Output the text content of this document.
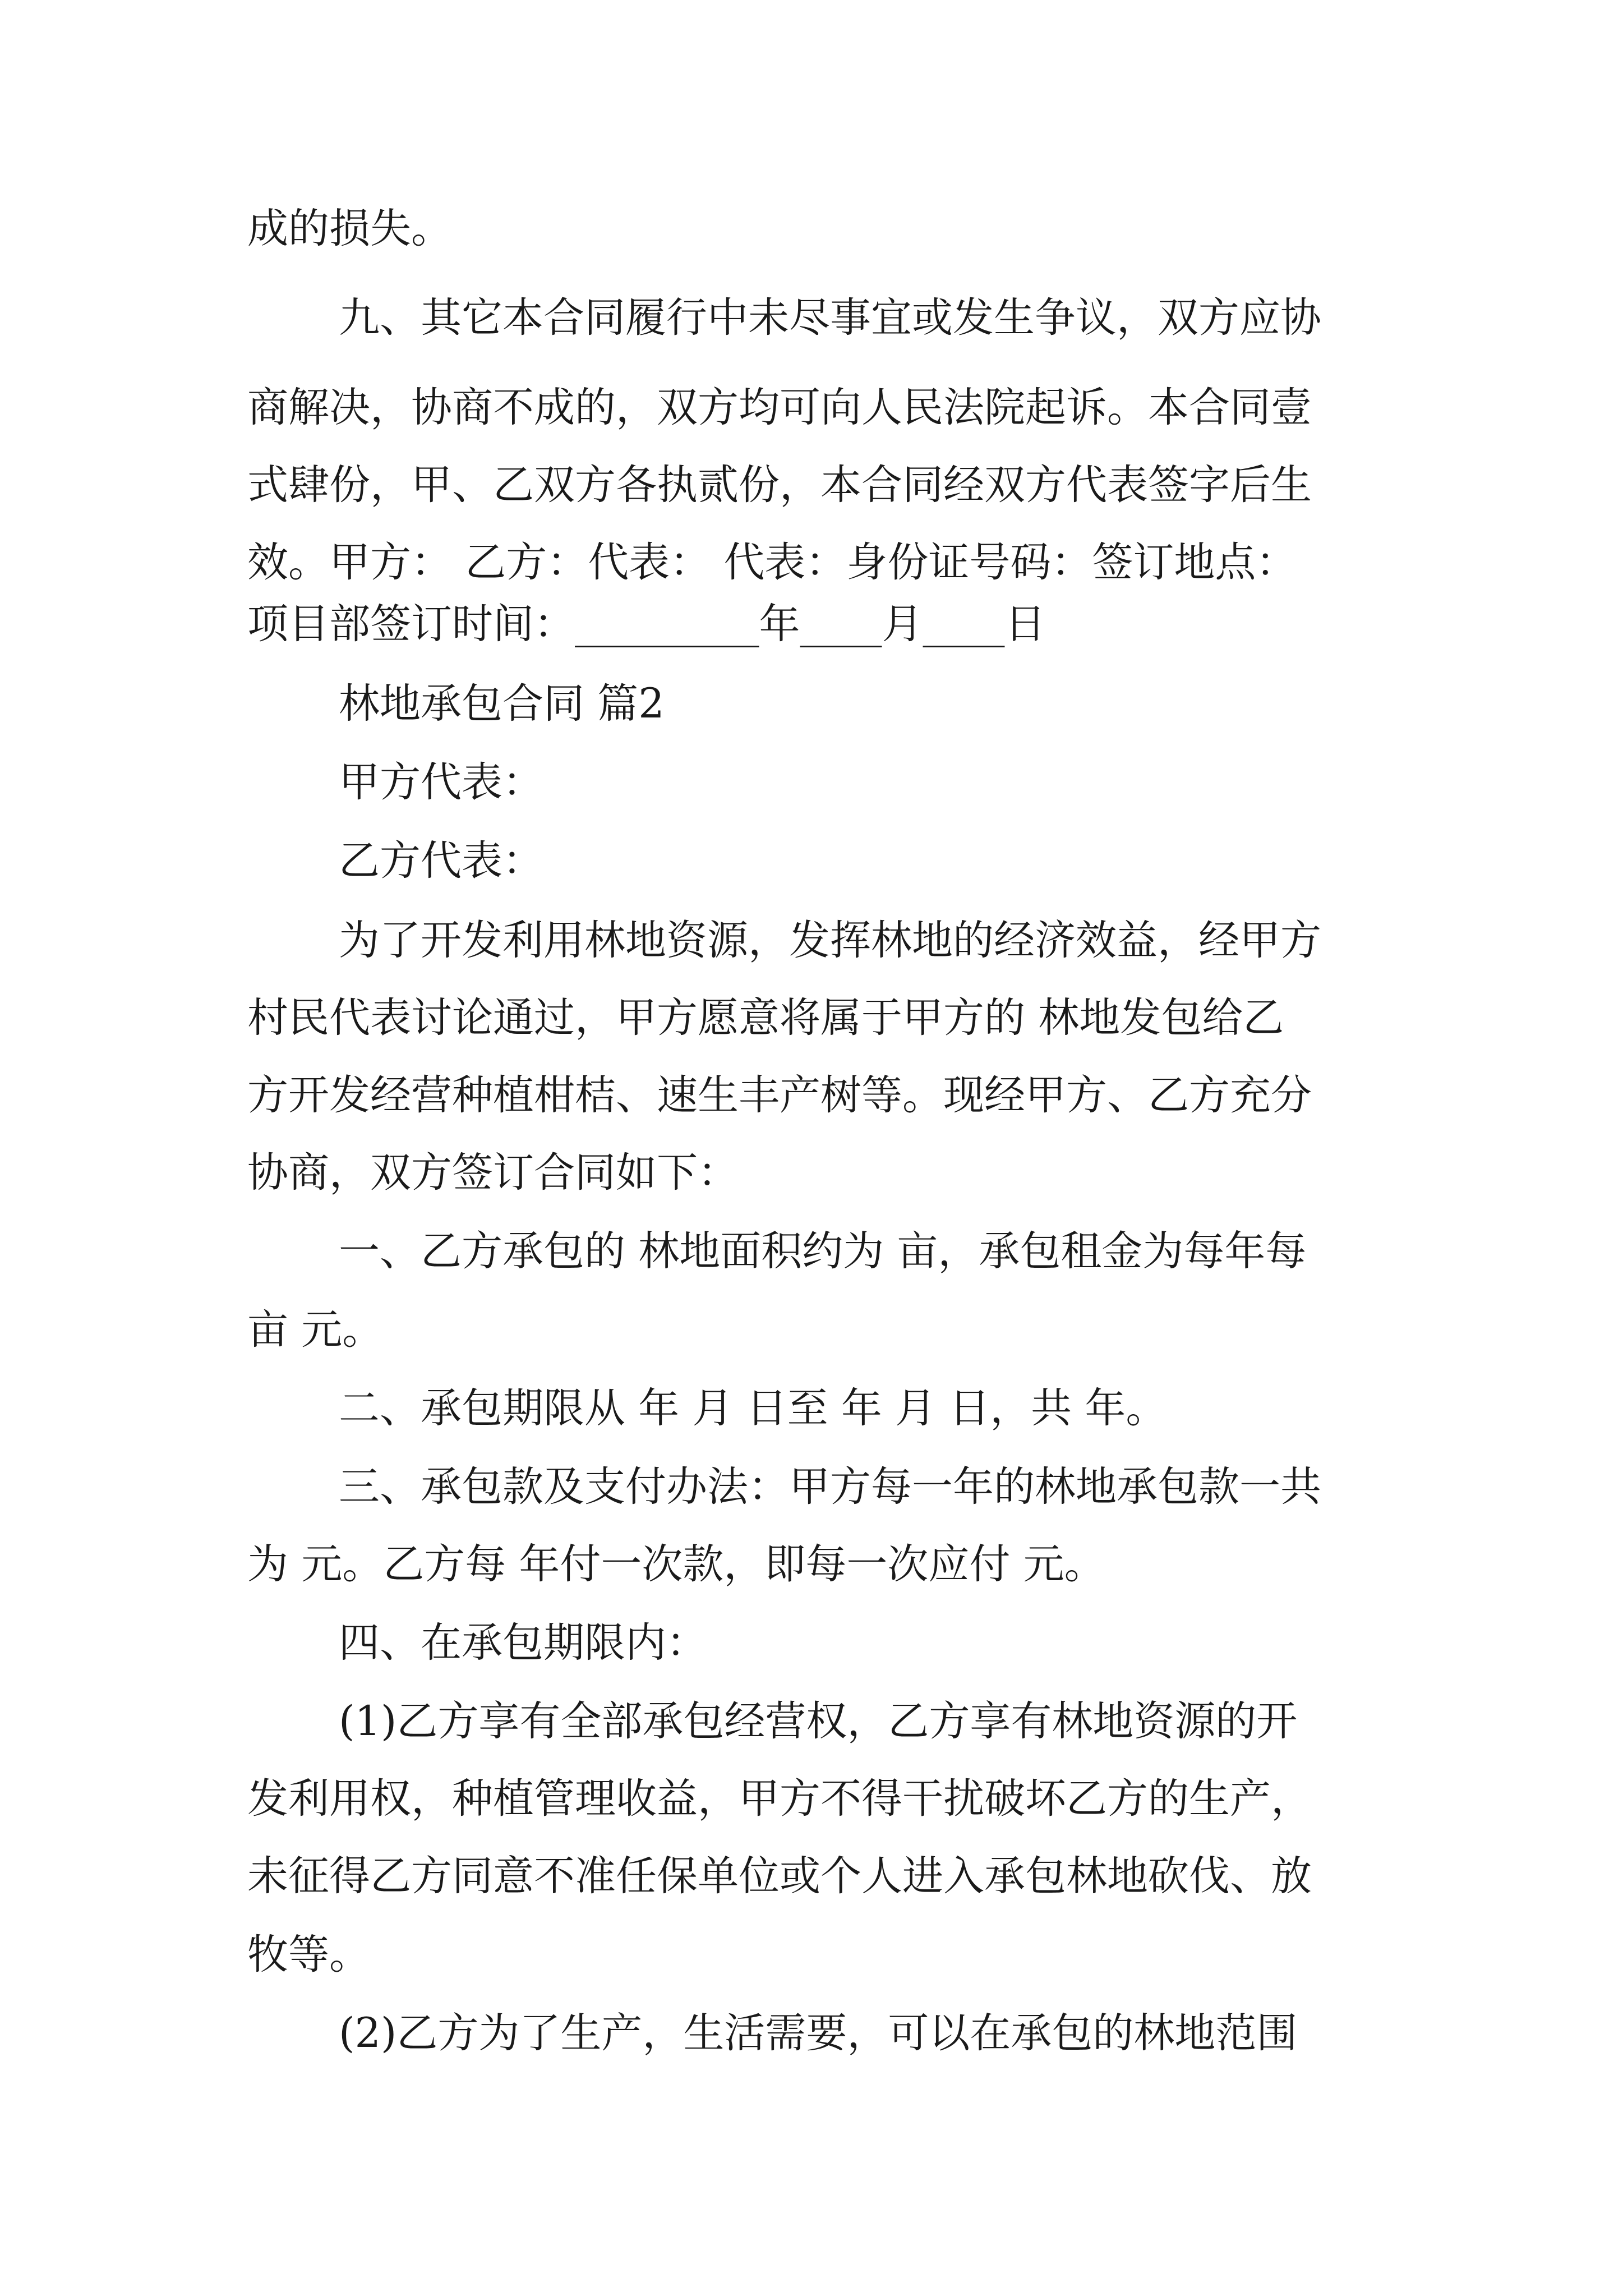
成的损失。

九、其它本合同履行中未尽事宜或发生争议，双方应协

商解决，协商不成的，双方均可向人民法院起诉。本合同壹

式肆份，甲、乙双方各执贰份，本合同经双方代表签字后生

效。甲方： 乙方：代表： 代表：身份证号码：签订地点：

项目部签订时间：_________年____月____日

林地承包合同 篇2

甲方代表：

乙方代表：

为了开发利用林地资源，发挥林地的经济效益，经甲方

村民代表讨论通过，甲方愿意将属于甲方的 林地发包给乙

方开发经营种植柑桔、速生丰产树等。现经甲方、乙方充分

协商，双方签订合同如下：

一、乙方承包的 林地面积约为 亩，承包租金为每年每

亩 元。

二、承包期限从 年 月 日至 年 月 日，共 年。

三、承包款及支付办法：甲方每一年的林地承包款一共

为 元。乙方每 年付一次款，即每一次应付 元。

四、在承包期限内：

(1)乙方享有全部承包经营权，乙方享有林地资源的开

发利用权，种植管理收益，甲方不得干扰破坏乙方的生产，

未征得乙方同意不准任保单位或个人进入承包林地砍伐、放

牧等。

(2)乙方为了生产，生活需要，可以在承包的林地范围
